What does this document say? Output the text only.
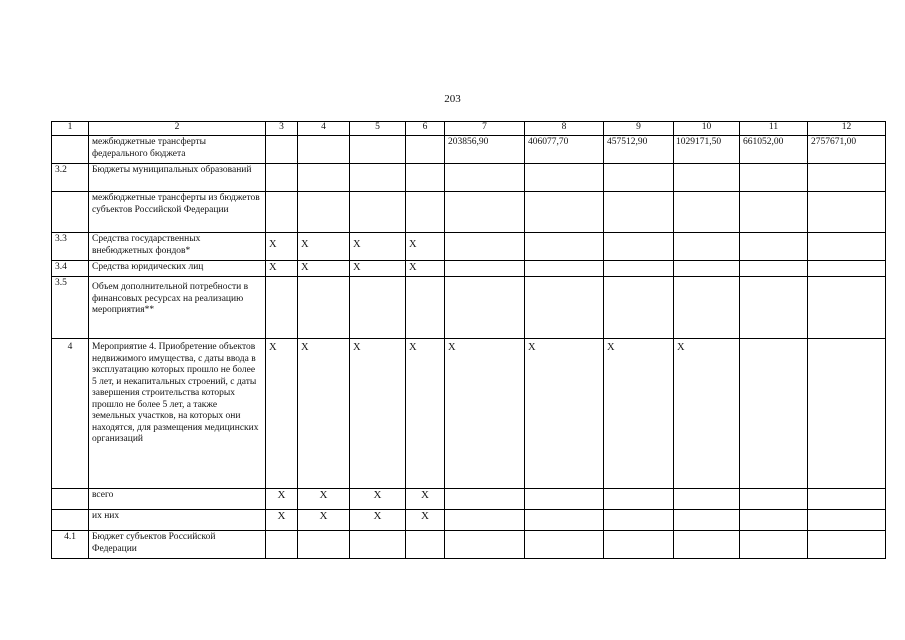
203
1	2	3	4	5	6	7	8	9	10	11	12
	межбюджетные трансферты федерального бюджета					203856,90	406077,70	457512,90	1029171,50	661052,00	2757671,00
3.2	Бюджеты муниципальных образований										
	межбюджетные трансферты из бюджетов субъектов Российской Федерации										
3.3	Средства государственных внебюджетных фондов*	X	X	X	X						
3.4	Средства юридических лиц	X	X	X	X						
3.5	Объем дополнительной потребности в финансовых ресурсах на реализацию мероприятия**										
4	Мероприятие 4. Приобретение объектов недвижимого имущества, с даты ввода в эксплуатацию которых прошло не более 5 лет, и некапитальных строений, с даты завершения строительства которых прошло не более 5 лет, а также земельных участков, на которых они находятся, для размещения медицинских организаций	X	X	X	X	X	X	X	X		
	всего	X	X	X	X						
	их них	X	X	X	X						
4.1	Бюджет субъектов Российской Федерации										
